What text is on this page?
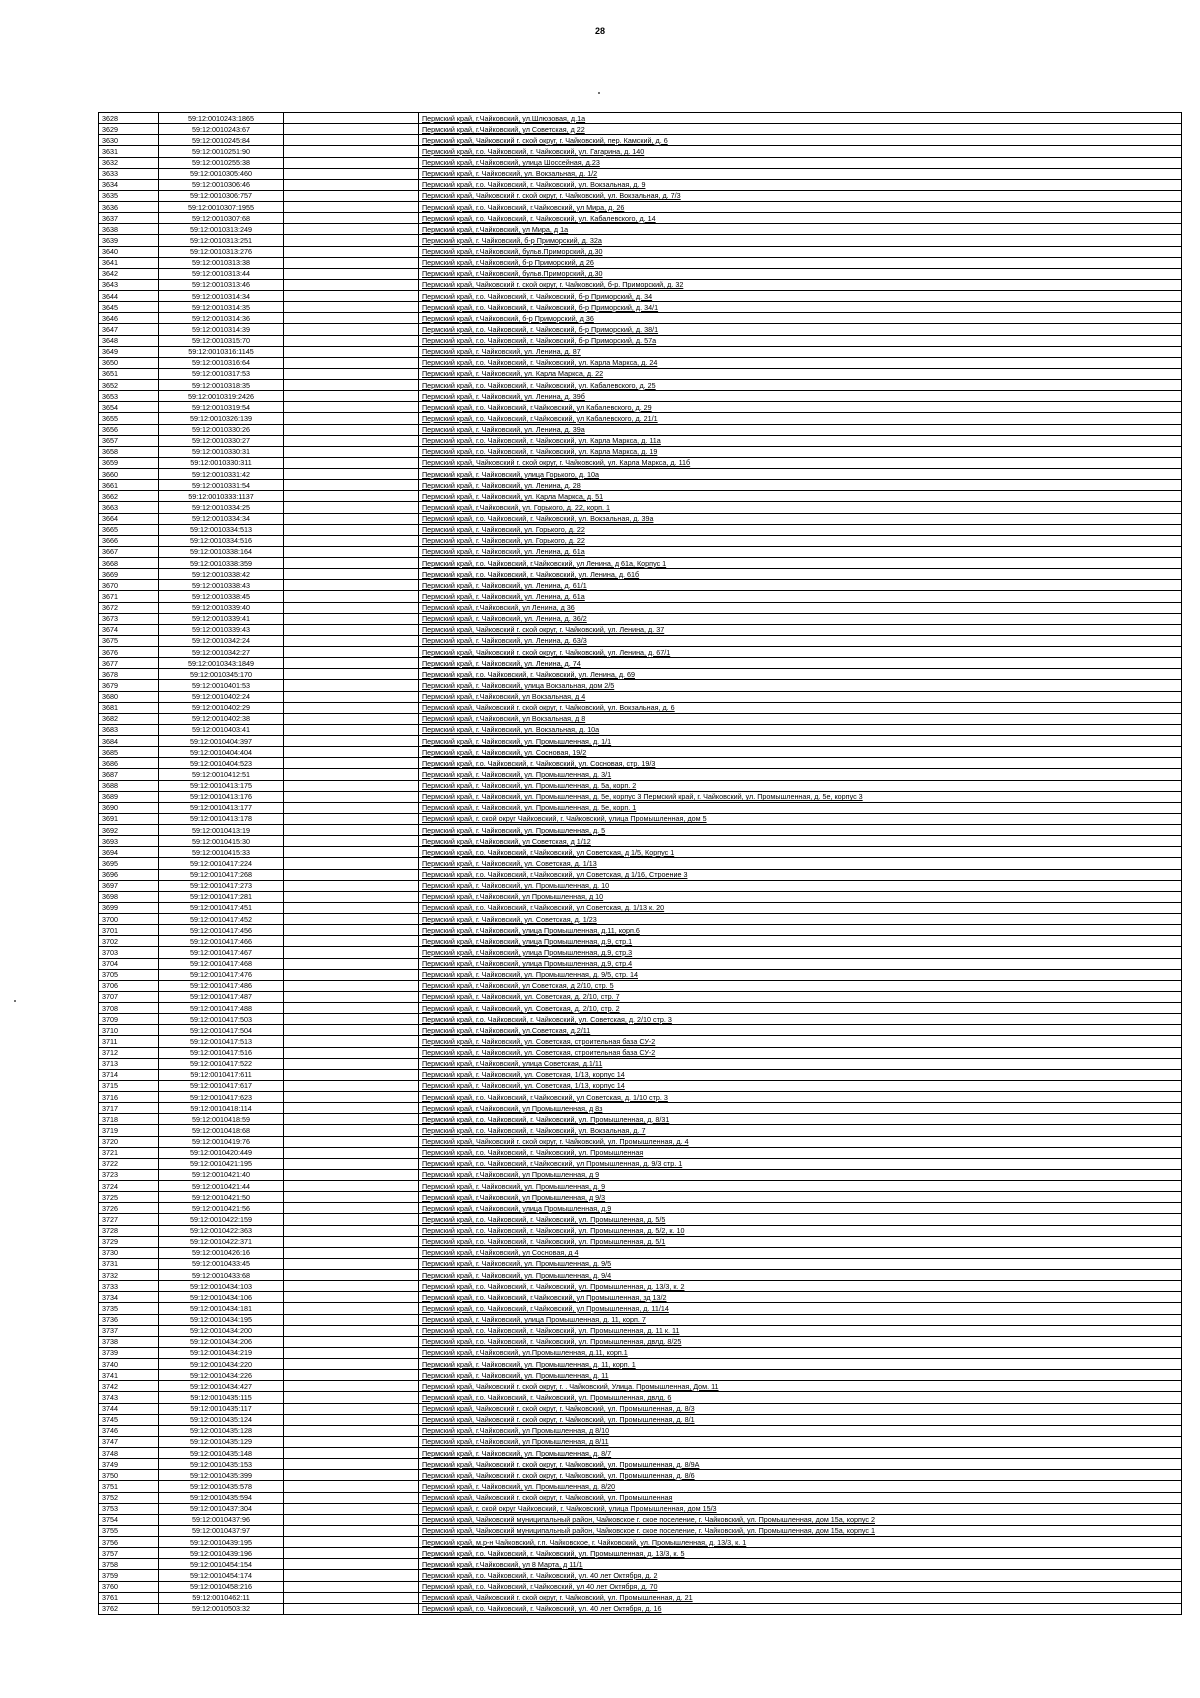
28
3628	59:12:0010243:1865		Пермский край, г.Чайковский, ул.Шлюзовая, д.1а
3629	59:12:0010243:67		Пермский край, г.Чайковский, ул Советская, д 22
3630	59:12:0010245:84		Пермский край, Чайковский г. ской округ, г. Чайковский, пер. Камский, д. 6
3631	59:12:0010251:90		Пермский край, г.о. Чайковский, г. Чайковский, ул. Гагарина, д. 140
3632	59:12:0010255:38		Пермский край, г.Чайковский, улица Шоссейная, д.23
3633	59:12:0010305:460		Пермский край, г. Чайковский, ул. Вокзальная, д. 1/2
3634	59:12:0010306:46		Пермский край, г.о. Чайковский, г. Чайковский, ул. Вокзальная, д. 9
3635	59:12:0010306:757		Пермский край, Чайковский г. ской округ, г. Чайковский, ул. Вокзальная, д. 7/3
3636	59:12:0010307:1955		Пермский край, г.о. Чайковский, г.Чайковский, ул Мира, д. 26
3637	59:12:0010307:68		Пермский край, г.о. Чайковский, г. Чайковский, ул. Кабалевского, д. 14
3638	59:12:0010313:249		Пермский край, г.Чайковский, ул Мира, д 1а
3639	59:12:0010313:251		Пермский край, г. Чайковский, б-р Приморский, д. 32а
3640	59:12:0010313:276		Пермский край, г.Чайковский, бульв.Приморский, д.30
3641	59:12:0010313:38		Пермский край, г.Чайковский, б-р Приморский, д 26
3642	59:12:0010313:44		Пермский край, г.Чайковский, бульв.Приморский, д.30
3643	59:12:0010313:46		Пермский край, Чайковский г. ской округ, г. Чайковский, б-р. Приморский, д. 32
3644	59:12:0010314:34		Пермский край, г.о. Чайковский, г. Чайковский, б-р Приморский, д. 34
3645	59:12:0010314:35		Пермский край, г.о. Чайковский, г. Чайковский, б-р Приморский, д. 34/1
3646	59:12:0010314:36		Пермский край, г.Чайковский, б-р Приморский, д 36
3647	59:12:0010314:39		Пермский край, г.о. Чайковский, г. Чайковский, б-р Приморский, д. 38/1
3648	59:12:0010315:70		Пермский край, г.о. Чайковский, г. Чайковский, б-р Приморский, д. 57а
3649	59:12:0010316:1145		Пермский край, г. Чайковский, ул. Ленина, д. 87
3650	59:12:0010316:64		Пермский край, г.о. Чайковский, г. Чайковский, ул. Карла Маркса, д. 24
3651	59:12:0010317:53		Пермский край, г. Чайковский, ул. Карла Маркса, д. 22
3652	59:12:0010318:35		Пермский край, г.о. Чайковский, г. Чайковский, ул. Кабалевского, д. 25
3653	59:12:0010319:2426		Пермский край, г. Чайковский, ул. Ленина, д. 39б
3654	59:12:0010319:54		Пермский край, г.о. Чайковский, г.Чайковский, ул Кабалевского, д. 29
3655	59:12:0010326:139		Пермский край, г.о. Чайковский, г.Чайковский, ул Кабалевского, д. 21/1
3656	59:12:0010330:26		Пермский край, г. Чайковский, ул. Ленина, д. 39а
3657	59:12:0010330:27		Пермский край, г.о. Чайковский, г. Чайковский, ул. Карла Маркса, д. 11а
3658	59:12:0010330:31		Пермский край, г.о. Чайковский, г. Чайковский, ул. Карла Маркса, д. 19
3659	59:12:0010330:311		Пермский край, Чайковский г. ской округ, г. Чайковский, ул. Карла Маркса, д. 11б
3660	59:12:0010331:42		Пермский край, г. Чайковский, улица Горького, д. 10а
3661	59:12:0010331:54		Пермский край, г. Чайковский, ул. Ленина, д. 28
3662	59:12:0010333:1137		Пермский край, г. Чайковский, ул. Карла Маркса, д. 51
3663	59:12:0010334:25		Пермский край, г.Чайковский, ул. Горького, д. 22, корп. 1
3664	59:12:0010334:34		Пермский край, г.о. Чайковский, г. Чайковский, ул. Вокзальная, д. 39а
3665	59:12:0010334:513		Пермский край, г. Чайковский, ул. Горького, д. 22
3666	59:12:0010334:516		Пермский край, г. Чайковский, ул. Горького, д. 22
3667	59:12:0010338:164		Пермский край, г. Чайковский, ул. Ленина, д. 61а
3668	59:12:0010338:359		Пермский край, г.о. Чайковский, г.Чайковский, ул Ленина, д 61а, Корпус 1
3669	59:12:0010338:42		Пермский край, г.о. Чайковский, г. Чайковский, ул. Ленина, д. 61б
3670	59:12:0010338:43		Пермский край, г. Чайковский, ул. Ленина, д. 61/1
3671	59:12:0010338:45		Пермский край, г. Чайковский, ул. Ленина, д. 61а
3672	59:12:0010339:40		Пермский край, г.Чайковский, ул Ленина, д 36
3673	59:12:0010339:41		Пермский край, г. Чайковский, ул. Ленина, д. 36/2
3674	59:12:0010339:43		Пермский край, Чайковский г. ской округ, г. Чайковский, ул. Ленина, д. 37
3675	59:12:0010342:24		Пермский край, г. Чайковский, ул. Ленина, д. 63/3
3676	59:12:0010342:27		Пермский край, Чайковский г. ской округ, г. Чайковский, ул. Ленина, д. 67/1
3677	59:12:0010343:1849		Пермский край, г. Чайковский, ул. Ленина, д. 74
3678	59:12:0010345:170		Пермский край, г.о. Чайковский, г. Чайковский, ул. Ленина, д. 69
3679	59:12:0010401:53		Пермский край, г. Чайковский, улица Вокзальная, дом 2/5
3680	59:12:0010402:24		Пермский край, г.Чайковский, ул Вокзальная, д 4
3681	59:12:0010402:29		Пермский край, Чайковский г. ской округ, г. Чайковский, ул. Вокзальная, д. 6
3682	59:12:0010402:38		Пермский край, г.Чайковский, ул Вокзальная, д 8
3683	59:12:0010403:41		Пермский край, г. Чайковский, ул. Вокзальная, д. 10а
3684	59:12:0010404:397		Пермский край, г. Чайковский, ул. Промышленная, д. 1/1
3685	59:12:0010404:404		Пермский край, г. Чайковский, ул. Сосновая, 19/2
3686	59:12:0010404:523		Пермский край, г.о. Чайковский, г. Чайковский, ул. Сосновая, стр. 19/3
3687	59:12:0010412:51		Пермский край, г. Чайковский, ул. Промышленная, д. 3/1
3688	59:12:0010413:175		Пермский край, г. Чайковский, ул. Промышленная, д. 5а, корп. 2
3689	59:12:0010413:176		Пермский край, г. Чайковский, ул. Промышленная, д. 5е, корпус 3 Пермский край, г. Чайковский, ул. Промышленная, д. 5е, корпус 3
3690	59:12:0010413:177		Пермский край, г. Чайковский, ул. Промышленная, д. 5е, корп. 1
3691	59:12:0010413:178		Пермский край, г. ской округ Чайковский, г. Чайковский, улица Промышленная, дом 5
3692	59:12:0010413:19		Пермский край, г. Чайковский, ул. Промышленная, д. 5
3693	59:12:0010415:30		Пермский край, г.Чайковский, ул Советская, д 1/12
3694	59:12:0010415:33		Пермский край, г.о. Чайковский, г.Чайковский, ул Советская, д 1/5, Корпус 1
3695	59:12:0010417:224		Пермский край, г. Чайковский, ул. Советская, д. 1/13
3696	59:12:0010417:268		Пермский край, г.о. Чайковский, г.Чайковский, ул Советская, д 1/16, Строение 3
3697	59:12:0010417:273		Пермский край, г. Чайковский, ул. Промышленная, д. 10
3698	59:12:0010417:281		Пермский край, г.Чайковский, ул Промышленная, д 10
3699	59:12:0010417:451		Пермский край, г.о. Чайковский, г.Чайковский, ул Советская, д. 1/13 к. 20
3700	59:12:0010417:452		Пермский край, г. Чайковский, ул. Советская, д. 1/23
3701	59:12:0010417:456		Пермский край, г.Чайковский, улица Промышленная, д.11, корп.6
3702	59:12:0010417:466		Пермский край, г.Чайковский, улица Промышленная, д.9, стр.1
3703	59:12:0010417:467		Пермский край, г.Чайковский, улица Промышленная, д.9, стр.3
3704	59:12:0010417:468		Пермский край, г.Чайковский, улица Промышленная, д.9, стр.4
3705	59:12:0010417:476		Пермский край, г. Чайковский, ул. Промышленная, д. 9/5, стр. 14
3706	59:12:0010417:486		Пермский край, г.Чайковский, ул Советская, д 2/10, стр. 5
3707	59:12:0010417:487		Пермский край, г. Чайковский, ул. Советская, д. 2/10, стр. 7
3708	59:12:0010417:488		Пермский край, г. Чайковский, ул. Советская, д. 2/10, стр. 2
3709	59:12:0010417:503		Пермский край, г.о. Чайковский, г. Чайковский, ул. Советская, д. 2/10 стр. 3
3710	59:12:0010417:504		Пермский край, г.Чайковский, ул.Советская, д.2/11
3711	59:12:0010417:513		Пермский край, г. Чайковский, ул. Советская, строительная база СУ-2
3712	59:12:0010417:516		Пермский край, г. Чайковский, ул. Советская, строительная база СУ-2
3713	59:12:0010417:522		Пермский край, г.Чайковский, улица Советская, д.1/11
3714	59:12:0010417:611		Пермский край, г. Чайковский, ул. Советская, 1/13, корпус 14
3715	59:12:0010417:617		Пермский край, г. Чайковский, ул. Советская, 1/13, корпус 14
3716	59:12:0010417:623		Пермский край, г.о. Чайковский, г.Чайковский, ул Советская, д. 1/10 стр. 3
3717	59:12:0010418:114		Пермский край, г.Чайковский, ул Промышленная, д 8з
3718	59:12:0010418:59		Пермский край, г.о. Чайковский, г. Чайковский, ул. Промышленная, д. 8/31
3719	59:12:0010418:68		Пермский край, г.о. Чайковский, г. Чайковский, ул. Вокзальная, д. 7
3720	59:12:0010419:76		Пермский край, Чайковский г. ской округ, г. Чайковский, ул. Промышленная, д. 4
3721	59:12:0010420:449		Пермский край, г.о. Чайковский, г. Чайковский, ул. Промышленная
3722	59:12:0010421:195		Пермский край, г.о. Чайковский, г.Чайковский, ул Промышленная, д. 9/3 стр. 1
3723	59:12:0010421:40		Пермский край, г.Чайковский, ул Промышленная, д 9
3724	59:12:0010421:44		Пермский край, г. Чайковский, ул. Промышленная, д. 9
3725	59:12:0010421:50		Пермский край, г.Чайковский, ул Промышленная, д 9/3
3726	59:12:0010421:56		Пермский край, г.Чайковский, улица Промышленная, д.9
3727	59:12:0010422:159		Пермский край, г.о. Чайковский, г. Чайковский, ул. Промышленная, д. 5/5
3728	59:12:0010422:363		Пермский край, г.о. Чайковский, г. Чайковский, ул. Промышленная, д. 5/2, к. 10
3729	59:12:0010422:371		Пермский край, г.о. Чайковский, г. Чайковский, ул. Промышленная, д. 5/1
3730	59:12:0010426:16		Пермский край, г.Чайковский, ул Сосновая, д 4
3731	59:12:0010433:45		Пермский край, г. Чайковский, ул. Промышленная, д. 9/5
3732	59:12:0010433:68		Пермский край, г. Чайковский, ул. Промышленная, д. 9/4
3733	59:12:0010434:103		Пермский край, г.о. Чайковский, г. Чайковский, ул. Промышленная, д. 13/3, к. 2
3734	59:12:0010434:106		Пермский край, г.о. Чайковский, г.Чайковский, ул Промышленная, зд 13/2
3735	59:12:0010434:181		Пермский край, г.о. Чайковский, г.Чайковский, ул Промышленная, д. 11/14
3736	59:12:0010434:195		Пермский край, г. Чайковский, улица Промышленная, д. 11, корп. 7
3737	59:12:0010434:200		Пермский край, г.о. Чайковский, г. Чайковский, ул. Промышленная, д. 11 к. 11
3738	59:12:0010434:206		Пермский край, г.о. Чайковский, г. Чайковский, ул. Промышленная, двлд. 8/25
3739	59:12:0010434:219		Пермский край, г.Чайковский, ул.Промышленная, д.11, корп.1
3740	59:12:0010434:220		Пермский край, г. Чайковский, ул. Промышленная, д. 11, корп. 1
3741	59:12:0010434:226		Пермский край, г. Чайковский, ул. Промышленная, д. 11
3742	59:12:0010434:427		Пермский край, Чайковский г. ской округ, г. . Чайковский, Улица. Промышленная, Дом. 11
3743	59:12:0010435:115		Пермский край, г.о. Чайковский, г. Чайковский, ул. Промышленная, двлд. 6
3744	59:12:0010435:117		Пермский край, Чайковский г. ской округ, г. Чайковский, ул. Промышленная, д. 8/3
3745	59:12:0010435:124		Пермский край, Чайковский г. ской округ, г. Чайковский, ул. Промышленная, д. 8/1
3746	59:12:0010435:128		Пермский край, г.Чайковский, ул Промышленная, д 8/10
3747	59:12:0010435:129		Пермский край, г.Чайковский, ул Промышленная, д 8/11
3748	59:12:0010435:148		Пермский край, г. Чайковский, ул. Промышленная, д. 8/7
3749	59:12:0010435:153		Пермский край, Чайковский г. ской округ, г. Чайковский, ул. Промышленная, д. 8/9А
3750	59:12:0010435:399		Пермский край, Чайковский г. ской округ, г. Чайковский, ул. Промышленная, д. 8/6
3751	59:12:0010435:578		Пермский край, г. Чайковский, ул. Промышленная, д. 8/20
3752	59:12:0010435:594		Пермский край, Чайковский г. ской округ, г. Чайковский, ул. Промышленная
3753	59:12:0010437:304		Пермский край, г. ской округ Чайковский, г. Чайковский, улица Промышленная, дом 15/3
3754	59:12:0010437:96		Пермский край, Чайковский муниципальный район, Чайковское г. ское поселение, г. Чайковский, ул. Промышленная, дом 15а, корпус 2
3755	59:12:0010437:97		Пермский край, Чайковский муниципальный район, Чайковское г. ское поселение, г. Чайковский, ул. Промышленная, дом 15а, корпус 1
3756	59:12:0010439:195		Пермский край, м.р-н Чайковский, г.п. Чайковское, г. Чайковский, ул. Промышленная, д. 13/3, к. 1
3757	59:12:0010439:196		Пермский край, г.о. Чайковский, г. Чайковский, ул. Промышленная, д. 13/3, к. 5
3758	59:12:0010454:154		Пермский край, г.Чайковский, ул 8 Марта, д 11/1
3759	59:12:0010454:174		Пермский край, г.о. Чайковский, г. Чайковский, ул. 40 лет Октября, д. 2
3760	59:12:0010458:216		Пермский край, г.о. Чайковский, г.Чайковский, ул 40 лет Октября, д. 70
3761	59:12:0010462:11		Пермский край, Чайковский г. ской округ, г. Чайковский, ул. Промышленная, д. 21
3762	59:12:0010503:32		Пермский край, г.о. Чайковский, г. Чайковский, ул. 40 лет Октября, д. 16
